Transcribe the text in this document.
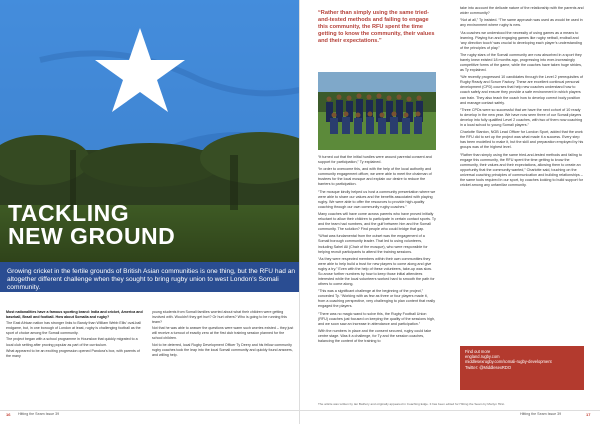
TACKLING
NEW GROUND
Growing cricket in the fertile grounds of British Asian communities is one thing, but the RFU had an altogether different challenge when they sought to bring rugby union to west London’s Somali community.

Most nationalities have a famous sporting brand: India and cricket, America and baseball, Brazil and football. How about Somalia and rugby?

The East African nation has stronger links to Bandy than William Webb Ellis’ oval-ball endgame, but, in one borough of London at least, rugby is challenging football as the sport of choice among the Somali community.

The project began with a school programme in Hounslow that quickly migrated to a local club setting after proving popular as part of the curriculum.

What appeared to be an exciting progression opened Pandora’s box, with parents of the many

young students from Somali families worried about what their children were getting involved with. Wouldn’t they get hurt? Or hurt others? Who is going to be running this team?

Not that he was able to answer the questions were warm such worries existed – they just will receive a turnout of exactly zero at the first club training session planned for the school children.

Not to be deterred, local Rugby Development Officer Ty Deery and his fellow community rugby coaches took the leap into the local Somali community and quickly found answers, and willing help.

16 Hitting the Seam Issue 39
“Rather than simply using the same tried-and-tested methods and failing to engage this community, the RFU spent the time getting to know the community, their values and their expectations.”

“It turned out that the initial hurdles were around parental consent and support for participation,” Ty explained.

“In order to overcome this, and with the help of the local authority and community engagement officer, we were able to meet the chairman of trustees for the local mosque and explain our desire to reduce the barriers to participation.

“The mosque kindly helped us host a community presentation where we were able to share our values and the benefits associated with playing rugby. We were able to offer the resources to provide high-quality coaching through our own community rugby coaches.”

Many coaches will have come across parents who have proved initially reluctant to allow their children to participate in certain contact sports. Ty and the team had numbers, and the gulf between him and the Somali community. The solution? Find people who could bridge that gap.

“What was fundamental from the outset was the engagement of a Somali borough community leader. That led to using volunteers, including Sahel Ali (Chair of the mosque), who were responsible for helping recruit participants to attend the training sessions.

“As they were respected members within their own communities they were able to help build a trust for new players to come along and give rugby a try.” Even with the help of these volunteers, take-up was slow. So arose further numbers by how to keep those initial attendees interested while the local volunteers worked hard to smooth the path for others to come along.

“This was a significant challenge at the beginning of the project,” conceded Ty. “Working with as few as three or four players made it, from a coaching perspective, very challenging to plan content that really engaged the players.

“There was no magic wand to solve this, the Rugby Football Union (RFU) coaches just focused on keeping the quality of the sessions high, and we soon saw an increase in attendance and participation.”

With the numbers in place and the consent secured, rugby could take centre stage. Was it a challenge, for Ty and the session coaches, balancing the content of the training to

take into account the delicate nature of the relationship with the parents and wider community?

“Not at all,” Ty insisted. “The same approach was used as would be used in any environment where rugby is new.

“As coaches we understood the necessity of using games as a means to learning. Playing fun and engaging games like rugby netball, endball and ‘any direction touch’ was crucial to developing each player’s understanding of the principles of play.”

The rugby stars of the Somali community are now absorbed in a sport they barely knew existed 18 months ago, progressing into ever-increasingly competitive forms of the game, while the coaches have taken huge strides, as Ty explained.

“We recently progressed 10 candidates through the Level 2 prerequisites of Rugby Ready and Scrum Factory. These are excellent continual personal development (CPD) courses that help new coaches understand how to coach safely and ensure they provide a safe environment in which players can train. They also teach the coach how to develop correct body position and manage contact safely.

“Three CPDs were so successful that we have the next cohort of 10 ready to develop in the new year. We have now seen three of our Somali players develop into fully qualified Level 2 coaches, with two of them now coaching in a local school to young Somali players.”

Charlotte Stanton, NGB Lead Officer for London Sport, added that the work the RFU did to set up the project was what made it a success. Every step has been modelled to make it, but the skill and preparation employed by his groups was of the highest level.

“Rather than simply using the same tried-and-tested methods and failing to engage this community, the RFU spent the time getting to know the community, their values and their expectations, allowing them to create an opportunity that the community wanted,” Charlotte said, touching on the universal coaching principles of communication and building relationships – the same tools required in our sport, by coaches looking to build support for cricket among any unfamiliar community.

Find out more
england.rugby.com
middlesexrugby.com/somali-rugby-development
Twitter: @MiddlesexRDO
The article was written by Ian Bathory and originally appeared in Coaching Edge. It has been edited for Hitting the Seam by Martyn Hirst.
Hitting the Seam Issue 39	17
